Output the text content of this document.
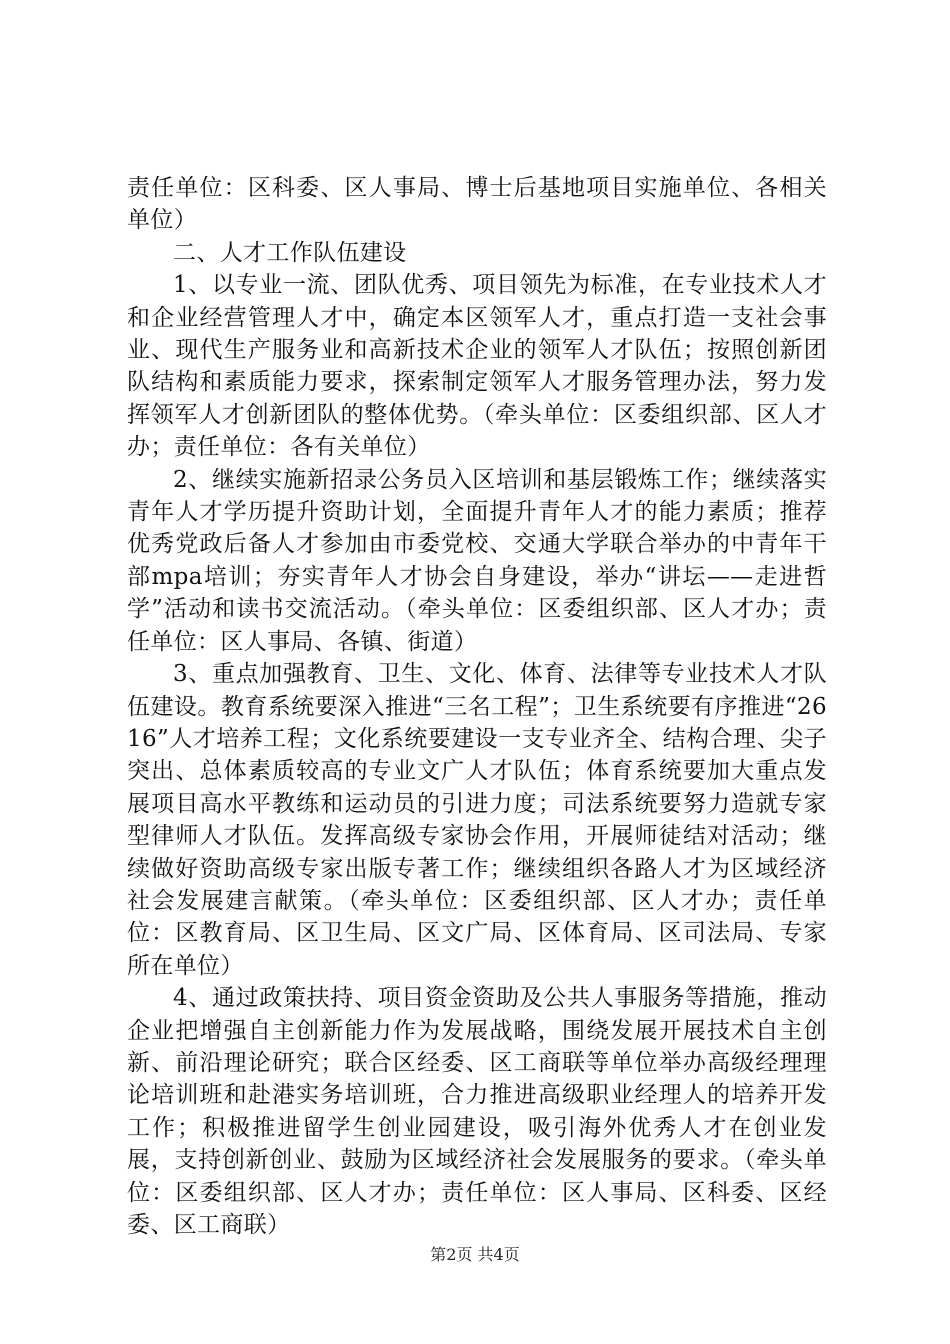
责任单位：区科委、区人事局、博士后基地项目实施单位、各相关单位）

二、人才工作队伍建设

1、以专业一流、团队优秀、项目领先为标准，在专业技术人才和企业经营管理人才中，确定本区领军人才，重点打造一支社会事业、现代生产服务业和高新技术企业的领军人才队伍；按照创新团队结构和素质能力要求，探索制定领军人才服务管理办法，努力发挥领军人才创新团队的整体优势。（牵头单位：区委组织部、区人才办；责任单位：各有关单位）

2、继续实施新招录公务员入区培训和基层锻炼工作；继续落实青年人才学历提升资助计划，全面提升青年人才的能力素质；推荐优秀党政后备人才参加由市委党校、交通大学联合举办的中青年干部mpa培训；夯实青年人才协会自身建设，举办“讲坛——走进哲学”活动和读书交流活动。（牵头单位：区委组织部、区人才办；责任单位：区人事局、各镇、街道）

3、重点加强教育、卫生、文化、体育、法律等专业技术人才队伍建设。教育系统要深入推进“三名工程”；卫生系统要有序推进“2616”人才培养工程；文化系统要建设一支专业齐全、结构合理、尖子突出、总体素质较高的专业文广人才队伍；体育系统要加大重点发展项目高水平教练和运动员的引进力度；司法系统要努力造就专家型律师人才队伍。发挥高级专家协会作用，开展师徒结对活动；继续做好资助高级专家出版专著工作；继续组织各路人才为区域经济社会发展建言献策。（牵头单位：区委组织部、区人才办；责任单位：区教育局、区卫生局、区文广局、区体育局、区司法局、专家所在单位）

4、通过政策扶持、项目资金资助及公共人事服务等措施，推动企业把增强自主创新能力作为发展战略，围绕发展开展技术自主创新、前沿理论研究；联合区经委、区工商联等单位举办高级经理理论培训班和赴港实务培训班，合力推进高级职业经理人的培养开发工作；积极推进留学生创业园建设，吸引海外优秀人才在创业发展，支持创新创业、鼓励为区域经济社会发展服务的要求。（牵头单位：区委组织部、区人才办；责任单位：区人事局、区科委、区经委、区工商联）

第2页 共4页
